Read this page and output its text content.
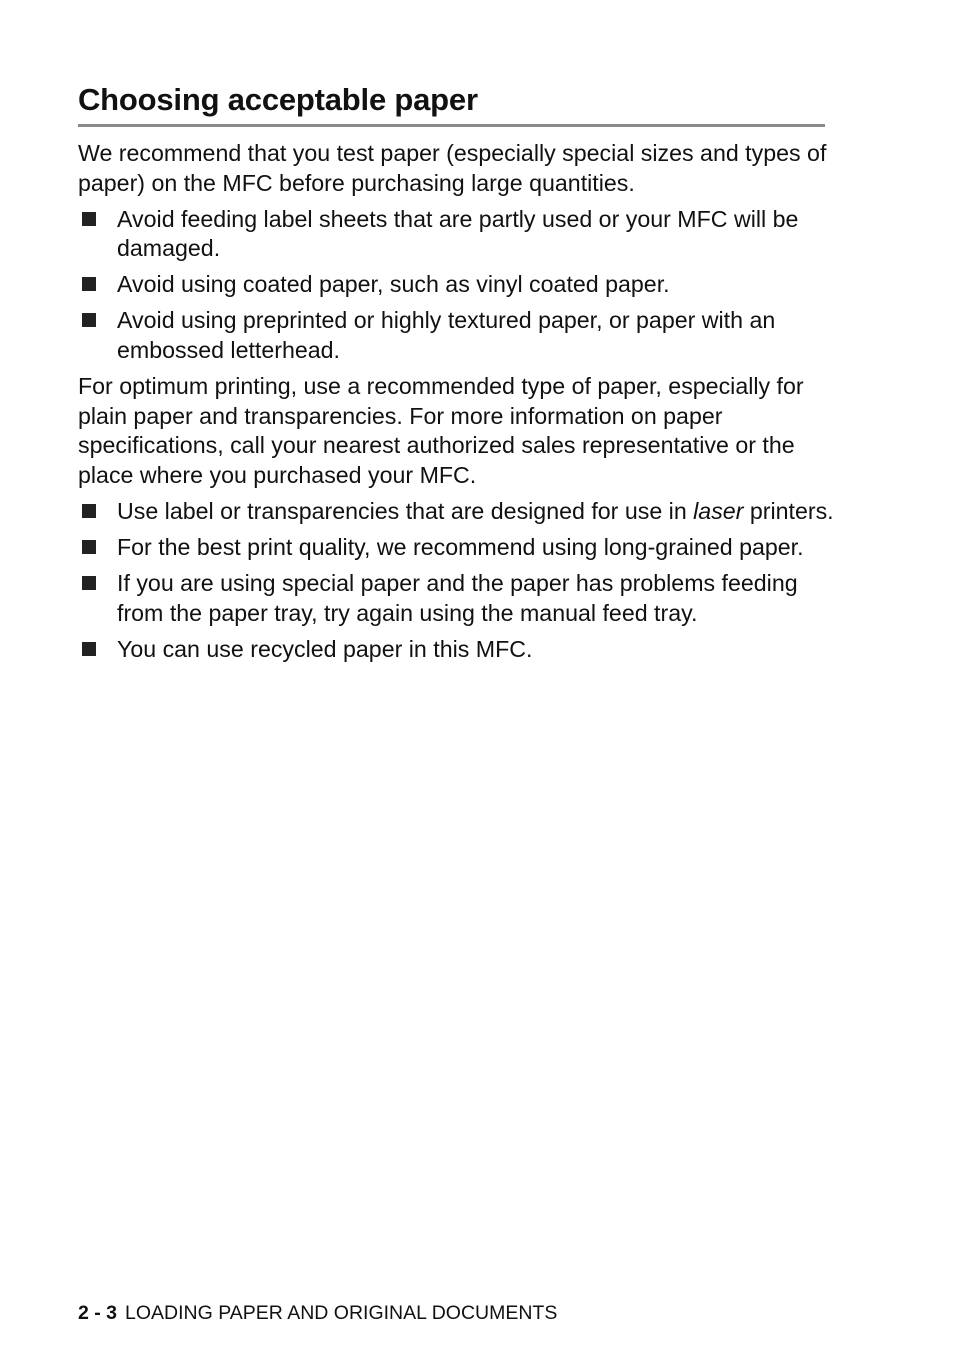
Choosing acceptable paper

We recommend that you test paper (especially special sizes and types of paper) on the MFC before purchasing large quantities.

Avoid feeding label sheets that are partly used or your MFC will be damaged.
Avoid using coated paper, such as vinyl coated paper.
Avoid using preprinted or highly textured paper, or paper with an embossed letterhead.

For optimum printing, use a recommended type of paper, especially for plain paper and transparencies. For more information on paper specifications, call your nearest authorized sales representative or the place where you purchased your MFC.

Use label or transparencies that are designed for use in laser printers.
For the best print quality, we recommend using long-grained paper.
If you are using special paper and the paper has problems feeding from the paper tray, try again using the manual feed tray.
You can use recycled paper in this MFC.
2 - 3 LOADING PAPER AND ORIGINAL DOCUMENTS
